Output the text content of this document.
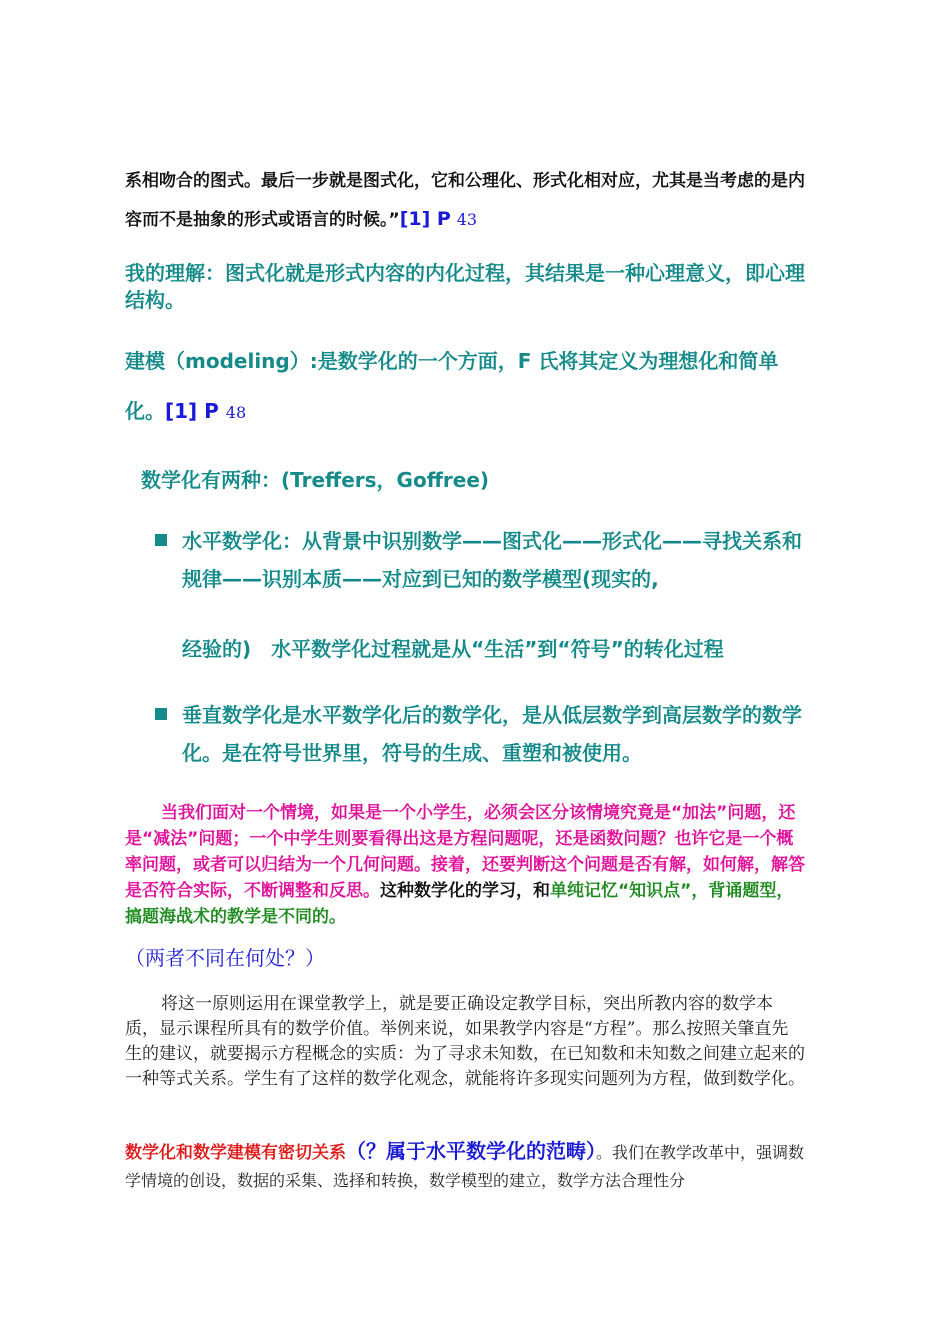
系相吻合的图式。最后一步就是图式化，它和公理化、形式化相对应，尤其是当考虑的是内容而不是抽象的形式或语言的时候。”[1] P 43
我的理解：图式化就是形式内容的内化过程，其结果是一种心理意义，即心理结构。
建模（modeling）:是数学化的一个方面，F 氏将其定义为理想化和简单化。[1] P 48
数学化有两种：(Treffers，Goffree)
水平数学化：从背景中识别数学——图式化——形式化——寻找关系和规律——识别本质——对应到已知的数学模型(现实的,
经验的)　水平数学化过程就是从“生活”到“符号”的转化过程
垂直数学化是水平数学化后的数学化，是从低层数学到高层数学的数学化。是在符号世界里，符号的生成、重塑和被使用。
当我们面对一个情境，如果是一个小学生，必须会区分该情境究竟是“加法”问题，还是“减法”问题；一个中学生则要看得出这是方程问题呢，还是函数问题？也许它是一个概率问题，或者可以归结为一个几何问题。接着，还要判断这个问题是否有解，如何解，解答是否符合实际，不断调整和反思。这种数学化的学习，和单纯记忆“知识点”，背诵题型，搞题海战术的教学是不同的。
（两者不同在何处？）
将这一原则运用在课堂教学上，就是要正确设定教学目标，突出所教内容的数学本质，显示课程所具有的数学价值。举例来说，如果教学内容是“方程”。那么按照关肇直先生的建议，就要揭示方程概念的实质：为了寻求未知数，在已知数和未知数之间建立起来的一种等式关系。学生有了这样的数学化观念，就能将许多现实问题列为方程，做到数学化。
数学化和数学建模有密切关系（？属于水平数学化的范畴）。我们在教学改革中，强调数学情境的创设，数据的采集、选择和转换，数学模型的建立，数学方法合理性分
